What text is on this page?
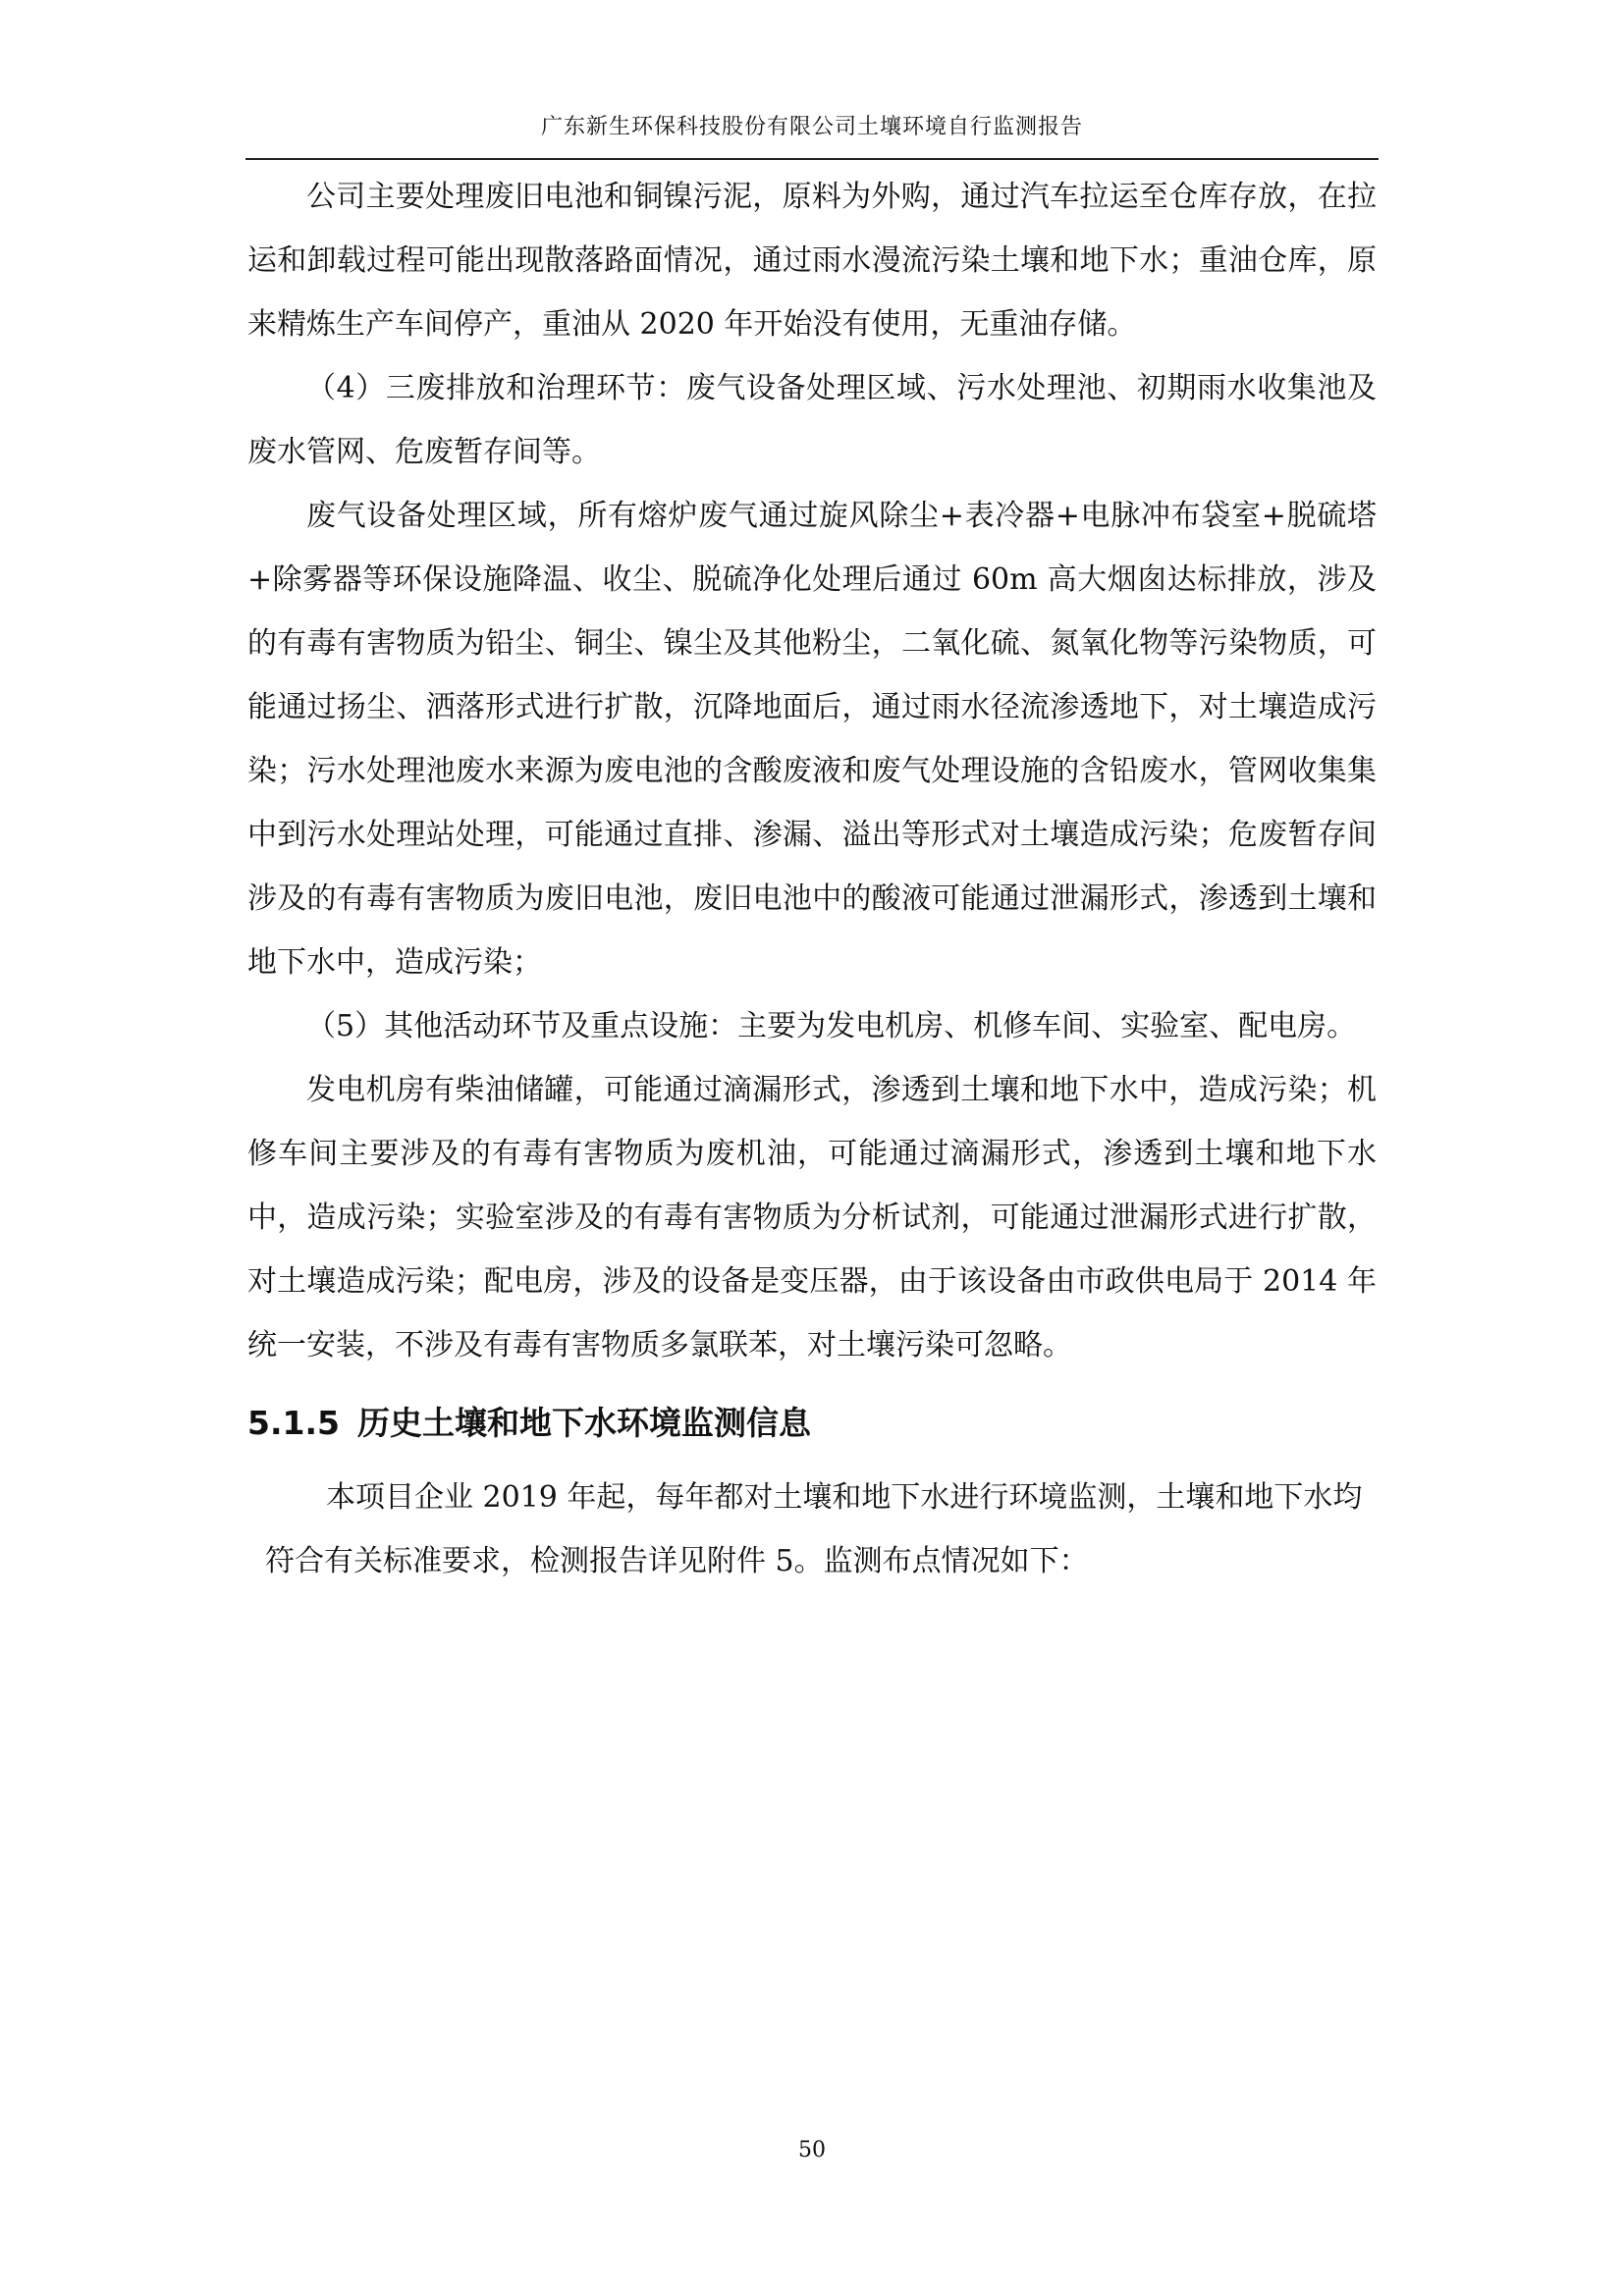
广东新生环保科技股份有限公司土壤环境自行监测报告

公司主要处理废旧电池和铜镍污泥，原料为外购，通过汽车拉运至仓库存放，在拉运和卸载过程可能出现散落路面情况，通过雨水漫流污染土壤和地下水；重油仓库，原来精炼生产车间停产，重油从 2020 年开始没有使用，无重油存储。

（4）三废排放和治理环节：废气设备处理区域、污水处理池、初期雨水收集池及废水管网、危废暂存间等。

废气设备处理区域，所有熔炉废气通过旋风除尘+表冷器+电脉冲布袋室+脱硫塔+除雾器等环保设施降温、收尘、脱硫净化处理后通过 60m 高大烟囱达标排放，涉及的有毒有害物质为铅尘、铜尘、镍尘及其他粉尘，二氧化硫、氮氧化物等污染物质，可能通过扬尘、洒落形式进行扩散，沉降地面后，通过雨水径流渗透地下，对土壤造成污染；污水处理池废水来源为废电池的含酸废液和废气处理设施的含铅废水，管网收集集中到污水处理站处理，可能通过直排、渗漏、溢出等形式对土壤造成污染；危废暂存间涉及的有毒有害物质为废旧电池，废旧电池中的酸液可能通过泄漏形式，渗透到土壤和地下水中，造成污染；

（5）其他活动环节及重点设施：主要为发电机房、机修车间、实验室、配电房。

发电机房有柴油储罐，可能通过滴漏形式，渗透到土壤和地下水中，造成污染；机修车间主要涉及的有毒有害物质为废机油，可能通过滴漏形式，渗透到土壤和地下水中，造成污染；实验室涉及的有毒有害物质为分析试剂，可能通过泄漏形式进行扩散，对土壤造成污染；配电房，涉及的设备是变压器，由于该设备由市政供电局于 2014 年统一安装，不涉及有毒有害物质多氯联苯，对土壤污染可忽略。

5.1.5 历史土壤和地下水环境监测信息

本项目企业 2019 年起，每年都对土壤和地下水进行环境监测，土壤和地下水均符合有关标准要求，检测报告详见附件 5。监测布点情况如下：

50
